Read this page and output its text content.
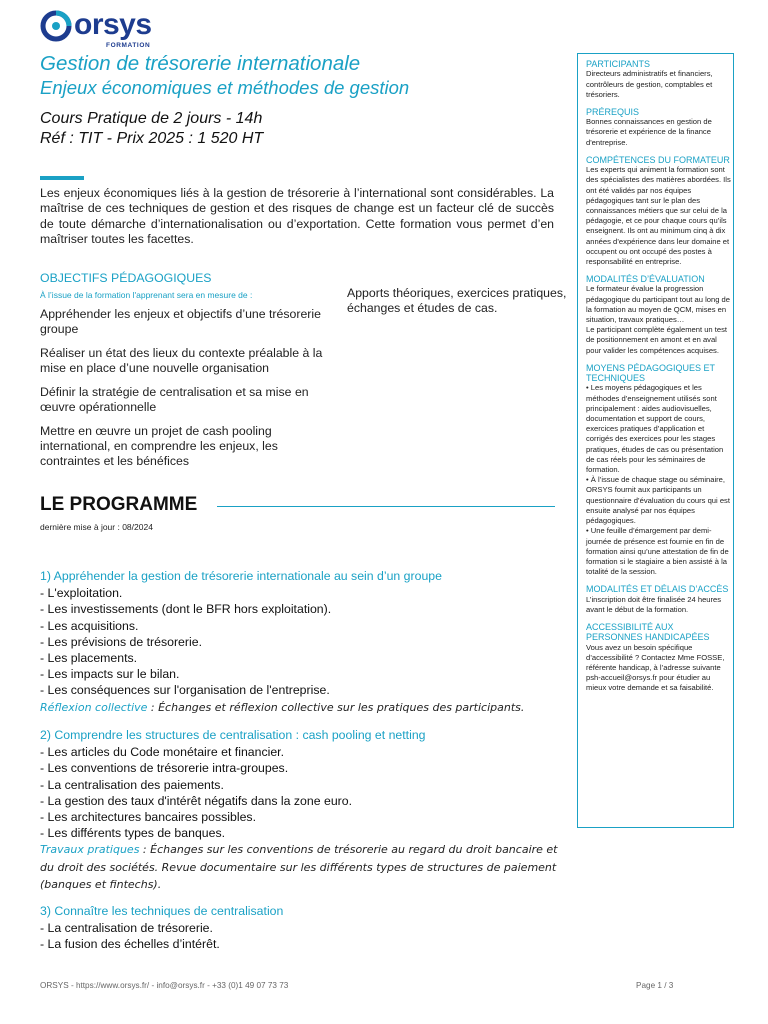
orsys
FORMATION
Gestion de trésorerie internationale
Enjeux économiques et méthodes de gestion
Cours Pratique de 2 jours - 14h
Réf : TIT - Prix 2025 : 1 520 HT
Les enjeux économiques liés à la gestion de trésorerie à l’international sont considérables. La maîtrise de ces techniques de gestion et des risques de change est un facteur clé de succès de toute démarche d’internationalisation ou d’exportation. Cette formation vous permet d’en maîtriser toutes les facettes.
OBJECTIFS PÉDAGOGIQUES
À l’issue de la formation l'apprenant sera en mesure de :
Appréhender les enjeux et objectifs d’une trésorerie groupe
Réaliser un état des lieux du contexte préalable à la mise en place d’une nouvelle organisation
Définir la stratégie de centralisation et sa mise en œuvre opérationnelle
Mettre en œuvre un projet de cash pooling international, en comprendre les enjeux, les contraintes et les bénéfices
Apports théoriques, exercices pratiques, échanges et études de cas.
LE PROGRAMME
dernière mise à jour : 08/2024
1) Appréhender la gestion de trésorerie internationale au sein d’un groupe
- L'exploitation.
- Les investissements (dont le BFR hors exploitation).
- Les acquisitions.
- Les prévisions de trésorerie.
- Les placements.
- Les impacts sur le bilan.
- Les conséquences sur l'organisation de l'entreprise.
Réflexion collective : Échanges et réflexion collective sur les pratiques des participants.
2) Comprendre les structures de centralisation : cash pooling et netting
- Les articles du Code monétaire et financier.
- Les conventions de trésorerie intra-groupes.
- La centralisation des paiements.
- La gestion des taux d'intérêt négatifs dans la zone euro.
- Les architectures bancaires possibles.
- Les différents types de banques.
Travaux pratiques : Échanges sur les conventions de trésorerie au regard du droit bancaire et du droit des sociétés. Revue documentaire sur les différents types de structures de paiement (banques et fintechs).
3) Connaître les techniques de centralisation
- La centralisation de trésorerie.
- La fusion des échelles d’intérêt.
PARTICIPANTS
Directeurs administratifs et financiers, contrôleurs de gestion, comptables et trésoriers.
PRÉREQUIS
Bonnes connaissances en gestion de trésorerie et expérience de la finance d'entreprise.
COMPÉTENCES DU FORMATEUR
Les experts qui animent la formation sont des spécialistes des matières abordées. Ils ont été validés par nos équipes pédagogiques tant sur le plan des connaissances métiers que sur celui de la pédagogie, et ce pour chaque cours qu’ils enseignent. Ils ont au minimum cinq à dix années d’expérience dans leur domaine et occupent ou ont occupé des postes à responsabilité en entreprise.
MODALITÉS D’ÉVALUATION
Le formateur évalue la progression pédagogique du participant tout au long de la formation au moyen de QCM, mises en situation, travaux pratiques…
Le participant complète également un test de positionnement en amont et en aval pour valider les compétences acquises.
MOYENS PÉDAGOGIQUES ET TECHNIQUES
• Les moyens pédagogiques et les méthodes d’enseignement utilisés sont principalement : aides audiovisuelles, documentation et support de cours, exercices pratiques d’application et corrigés des exercices pour les stages pratiques, études de cas ou présentation de cas réels pour les séminaires de formation.
• À l’issue de chaque stage ou séminaire, ORSYS fournit aux participants un questionnaire d’évaluation du cours qui est ensuite analysé par nos équipes pédagogiques.
• Une feuille d’émargement par demi-journée de présence est fournie en fin de formation ainsi qu’une attestation de fin de formation si le stagiaire a bien assisté à la totalité de la session.
MODALITÉS ET DÉLAIS D’ACCÈS
L’inscription doit être finalisée 24 heures avant le début de la formation.
ACCESSIBILITÉ AUX PERSONNES HANDICAPÉES
Vous avez un besoin spécifique d’accessibilité ? Contactez Mme FOSSE, référente handicap, à l’adresse suivante psh-accueil@orsys.fr pour étudier au mieux votre demande et sa faisabilité.
ORSYS - https://www.orsys.fr/ - info@orsys.fr - +33 (0)1 49 07 73 73	Page 1 / 3
